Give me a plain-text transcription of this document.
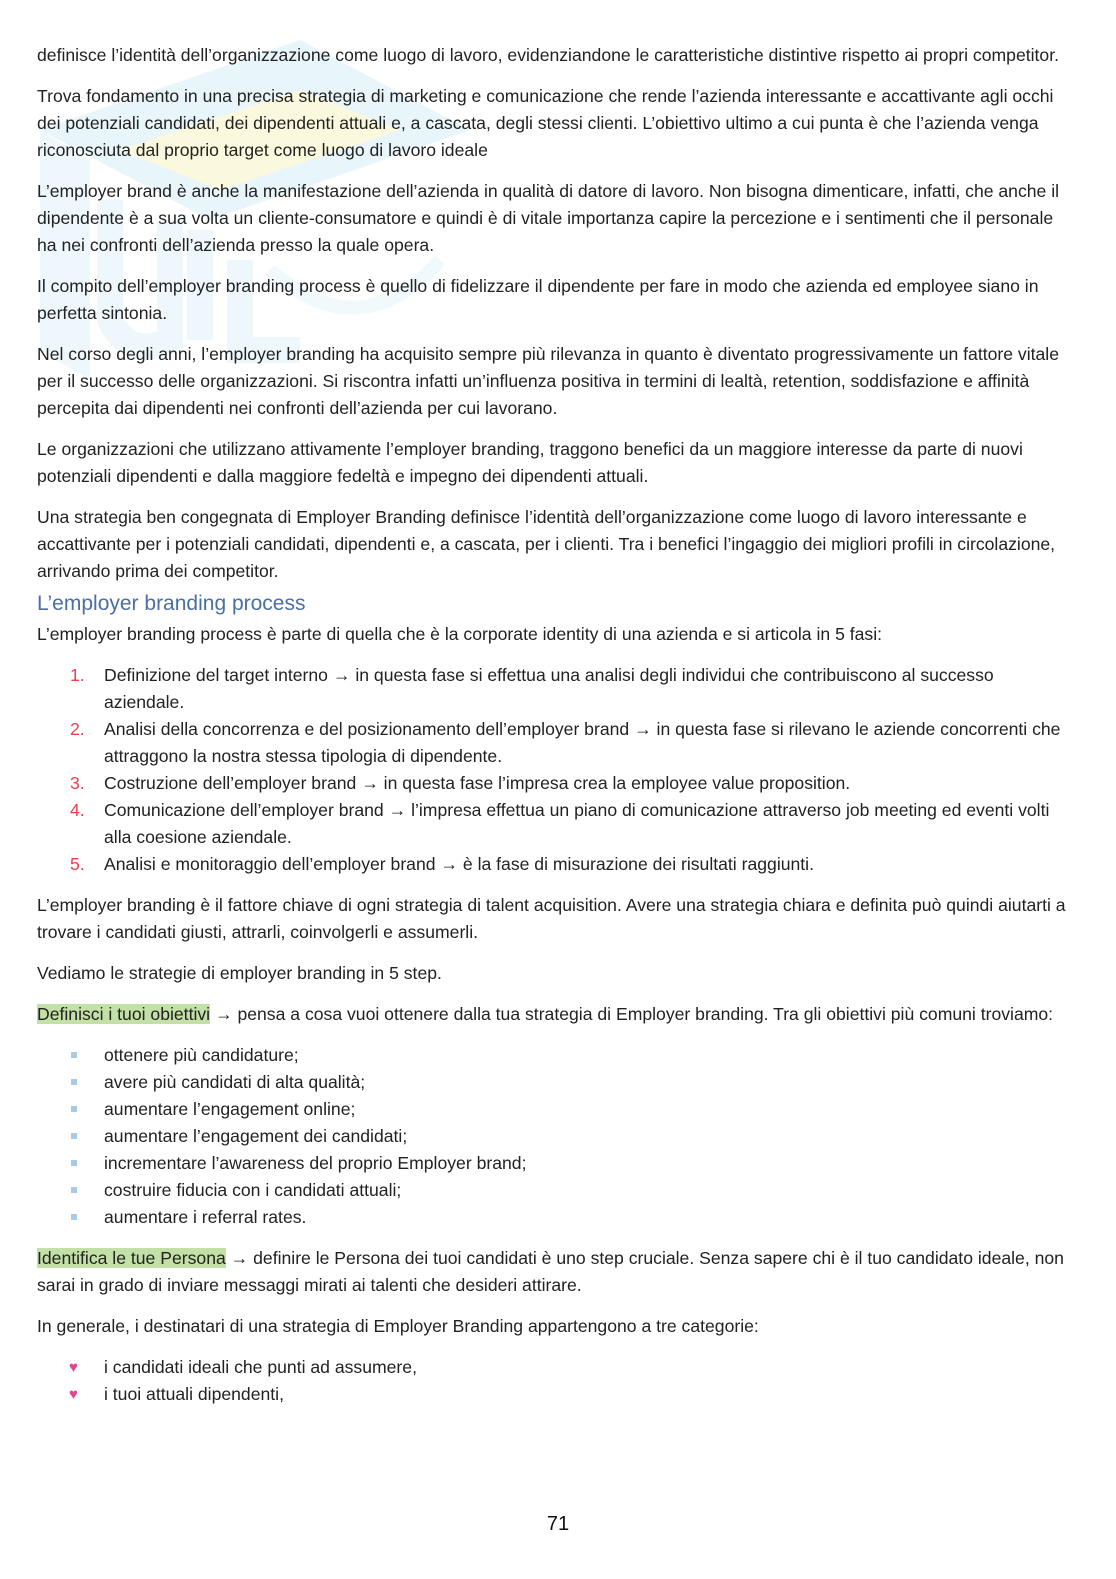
definisce l’identità dell’organizzazione come luogo di lavoro, evidenziandone le caratteristiche distintive rispetto ai propri competitor.

Trova fondamento in una precisa strategia di marketing e comunicazione che rende l’azienda interessante e accattivante agli occhi dei potenziali candidati, dei dipendenti attuali e, a cascata, degli stessi clienti. L’obiettivo ultimo a cui punta è che l’azienda venga riconosciuta dal proprio target come luogo di lavoro ideale

L’employer brand è anche la manifestazione dell’azienda in qualità di datore di lavoro. Non bisogna dimenticare, infatti, che anche il dipendente è a sua volta un cliente-consumatore e quindi è di vitale importanza capire la percezione e i sentimenti che il personale ha nei confronti dell’azienda presso la quale opera.

Il compito dell’employer branding process è quello di fidelizzare il dipendente per fare in modo che azienda ed employee siano in perfetta sintonia.

Nel corso degli anni, l’employer branding ha acquisito sempre più rilevanza in quanto è diventato progressivamente un fattore vitale per il successo delle organizzazioni. Si riscontra infatti un’influenza positiva in termini di lealtà, retention, soddisfazione e affinità percepita dai dipendenti nei confronti dell’azienda per cui lavorano.

Le organizzazioni che utilizzano attivamente l’employer branding, traggono benefici da un maggiore interesse da parte di nuovi potenziali dipendenti e dalla maggiore fedeltà e impegno dei dipendenti attuali.

Una strategia ben congegnata di Employer Branding definisce l’identità dell’organizzazione come luogo di lavoro interessante e accattivante per i potenziali candidati, dipendenti e, a cascata, per i clienti. Tra i benefici l’ingaggio dei migliori profili in circolazione, arrivando prima dei competitor.

L’employer branding process

L’employer branding process è parte di quella che è la corporate identity di una azienda e si articola in 5 fasi:

1. Definizione del target interno → in questa fase si effettua una analisi degli individui che contribuiscono al successo aziendale.
2. Analisi della concorrenza e del posizionamento dell’employer brand → in questa fase si rilevano le aziende concorrenti che attraggono la nostra stessa tipologia di dipendente.
3. Costruzione dell’employer brand → in questa fase l’impresa crea la employee value proposition.
4. Comunicazione dell’employer brand → l’impresa effettua un piano di comunicazione attraverso job meeting ed eventi volti alla coesione aziendale.
5. Analisi e monitoraggio dell’employer brand → è la fase di misurazione dei risultati raggiunti.

L’employer branding è il fattore chiave di ogni strategia di talent acquisition. Avere una strategia chiara e definita può quindi aiutarti a trovare i candidati giusti, attrarli, coinvolgerli e assumerli.

Vediamo le strategie di employer branding in 5 step.

Definisci i tuoi obiettivi → pensa a cosa vuoi ottenere dalla tua strategia di Employer branding. Tra gli obiettivi più comuni troviamo:

ottenere più candidature;
avere più candidati di alta qualità;
aumentare l’engagement online;
aumentare l’engagement dei candidati;
incrementare l’awareness del proprio Employer brand;
costruire fiducia con i candidati attuali;
aumentare i referral rates.

Identifica le tue Persona → definire le Persona dei tuoi candidati è uno step cruciale. Senza sapere chi è il tuo candidato ideale, non sarai in grado di inviare messaggi mirati ai talenti che desideri attirare.

In generale, i destinatari di una strategia di Employer Branding appartengono a tre categorie:

♥ i candidati ideali che punti ad assumere,
♥ i tuoi attuali dipendenti,
71
